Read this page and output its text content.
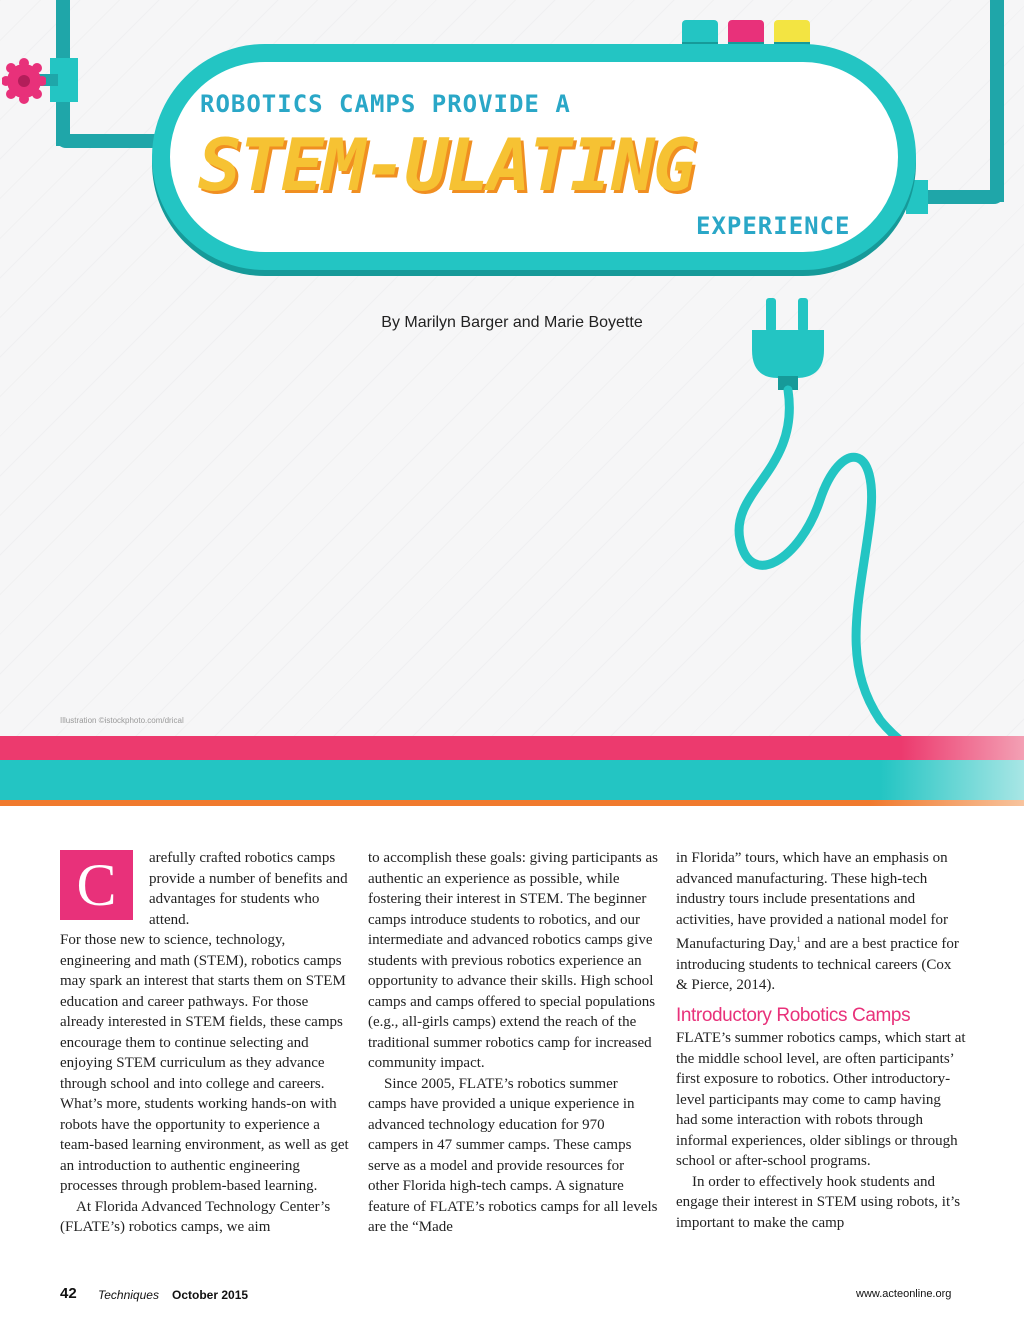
ROBOTICS CAMPS PROVIDE A
STEM-ULATING
EXPERIENCE
By Marilyn Barger and Marie Boyette
Illustration ©istockphoto.com/drical
C	arefully crafted robotics camps provide a number of benefits and advantages for students who attend.
For those new to science, technology, engineering and math (STEM), robotics camps may spark an interest that starts them on STEM education and career pathways. For those already interested in STEM fields, these camps encourage them to continue selecting and enjoying STEM curriculum as they advance through school and into college and careers. What’s more, students working hands-on with robots have the opportunity to experience a team-based learning environment, as well as get an introduction to authentic engineering processes through problem-based learning.

At Florida Advanced Technology Center’s (FLATE’s) robotics camps, we aim

to accomplish these goals: giving participants as authentic an experience as possible, while fostering their interest in STEM. The beginner camps introduce students to robotics, and our intermediate and advanced robotics camps give students with previous robotics experience an opportunity to advance their skills. High school camps and camps offered to special populations (e.g., all-girls camps) extend the reach of the traditional summer robotics camp for increased community impact.

Since 2005, FLATE’s robotics summer camps have provided a unique experience in advanced technology education for 970 campers in 47 summer camps. These camps serve as a model and provide resources for other Florida high-tech camps. A signature feature of FLATE’s robotics camps for all levels are the “Made

in Florida” tours, which have an emphasis on advanced manufacturing. These high-tech industry tours include presentations and activities, have provided a national model for Manufacturing Day,$^1$ and are a best practice for introducing students to technical careers (Cox & Pierce, 2014).

Introductory Robotics Camps

FLATE’s summer robotics camps, which start at the middle school level, are often participants’ first exposure to robotics. Other introductory-level participants may come to camp having had some interaction with robots through informal experiences, older siblings or through school or after-school programs.

In order to effectively hook students and engage their interest in STEM using robots, it’s important to make the camp

42 Techniques October 2015	www.acteonline.org
